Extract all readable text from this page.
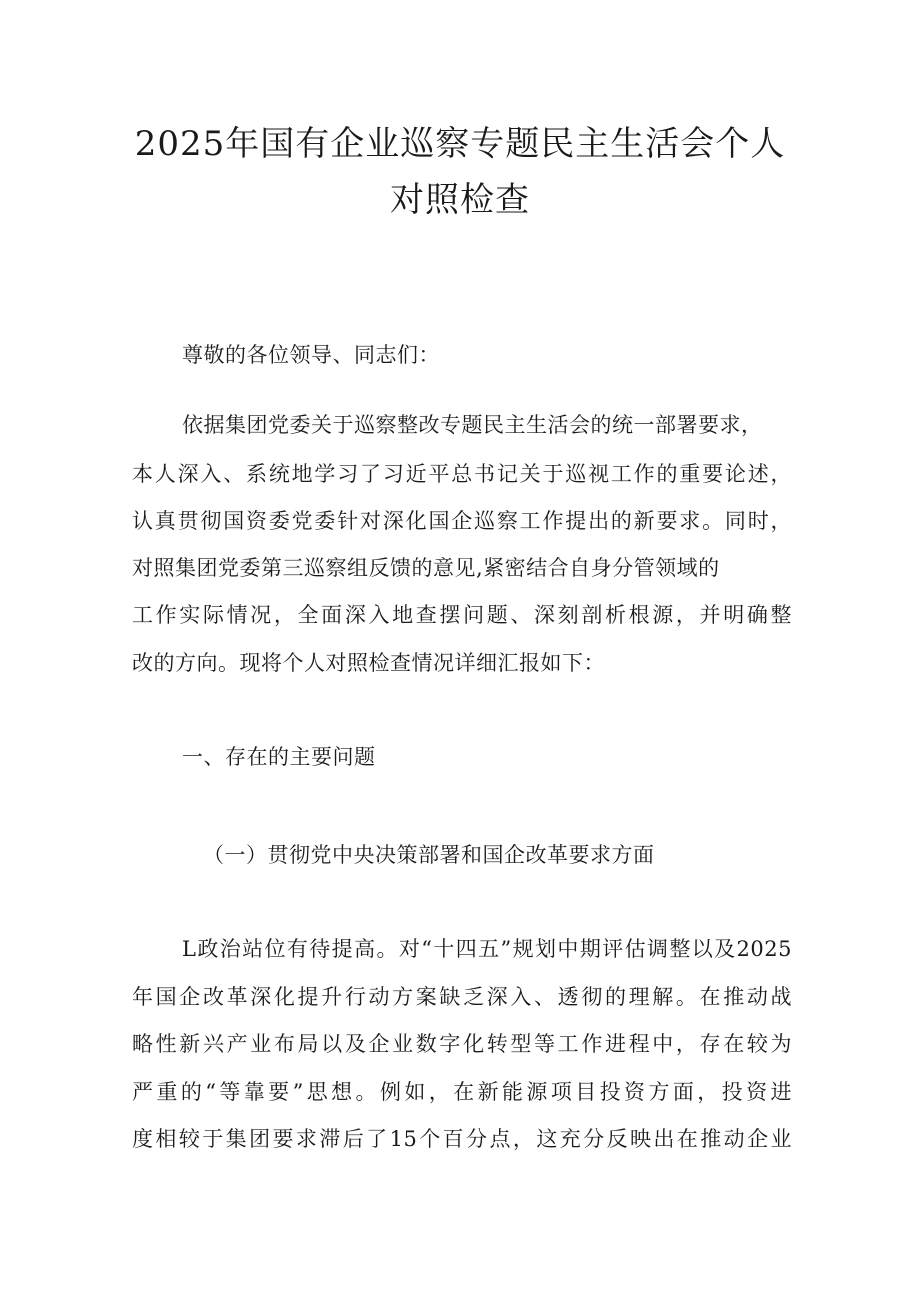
2025年国有企业巡察专题民主生活会个人
对照检查
尊敬的各位领导、同志们：
依据集团党委关于巡察整改专题民主生活会的统一部署要求，
本人深入、系统地学习了习近平总书记关于巡视工作的重要论述，
认真贯彻国资委党委针对深化国企巡察工作提出的新要求。同时，
对照集团党委第三巡察组反馈的意见,紧密结合自身分管领域的
工作实际情况，全面深入地查摆问题、深刻剖析根源，并明确整
改的方向。现将个人对照检查情况详细汇报如下：
一、存在的主要问题
（一）贯彻党中央决策部署和国企改革要求方面
L政治站位有待提高。对“十四五”规划中期评估调整以及2025
年国企改革深化提升行动方案缺乏深入、透彻的理解。在推动战
略性新兴产业布局以及企业数字化转型等工作进程中，存在较为
严重的“等靠要”思想。例如，在新能源项目投资方面，投资进
度相较于集团要求滞后了15个百分点，这充分反映出在推动企业
